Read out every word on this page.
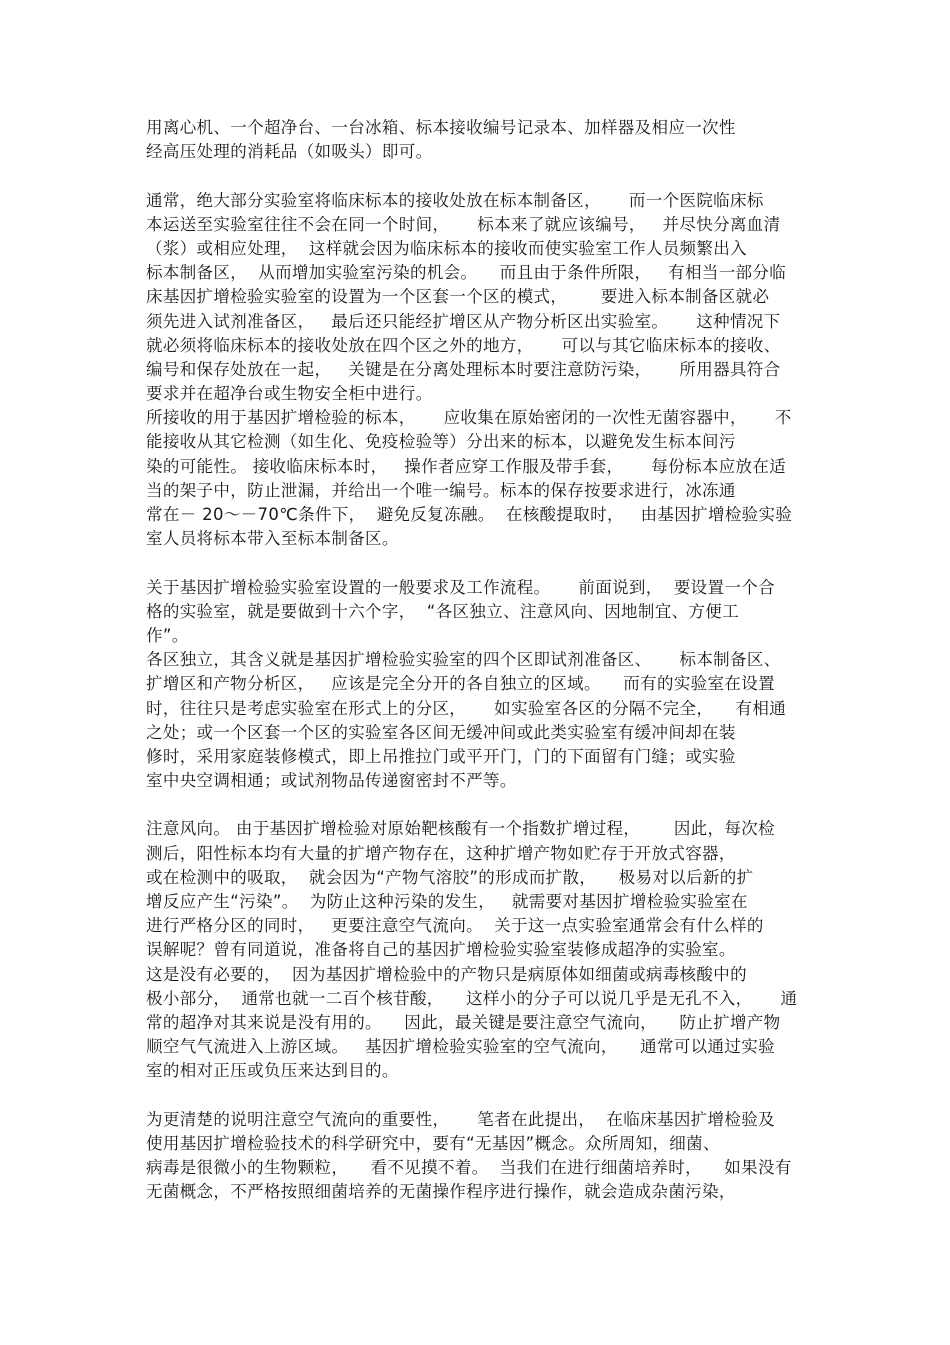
用离心机、一个超净台、一台冰箱、标本接收编号记录本、加样器及相应一次性
经高压处理的消耗品（如吸头）即可。
通常，绝大部分实验室将临床标本的接收处放在标本制备区，     而一个医院临床标
本运送至实验室往往不会在同一个时间，     标本来了就应该编号，   并尽快分离血清
（浆）或相应处理，  这样就会因为临床标本的接收而使实验室工作人员频繁出入
标本制备区，  从而增加实验室污染的机会。    而且由于条件所限，   有相当一部分临
床基因扩增检验实验室的设置为一个区套一个区的模式，      要进入标本制备区就必
须先进入试剂准备区，   最后还只能经扩增区从产物分析区出实验室。     这种情况下
就必须将临床标本的接收处放在四个区之外的地方，     可以与其它临床标本的接收、
编号和保存处放在一起，   关键是在分离处理标本时要注意防污染，     所用器具符合
要求并在超净台或生物安全柜中进行。
所接收的用于基因扩增检验的标本，     应收集在原始密闭的一次性无菌容器中，     不
能接收从其它检测（如生化、免疫检验等）分出来的标本，以避免发生标本间污
染的可能性。 接收临床标本时，   操作者应穿工作服及带手套，     每份标本应放在适
当的架子中，防止泄漏，并给出一个唯一编号。标本的保存按要求进行，冰冻通
常在－ 20～－70℃条件下，  避免反复冻融。  在核酸提取时，   由基因扩增检验实验
室人员将标本带入至标本制备区。
关于基因扩增检验实验室设置的一般要求及工作流程。     前面说到，  要设置一个合
格的实验室，就是要做到十六个字，  “各区独立、注意风向、因地制宜、方便工
作”。
各区独立，其含义就是基因扩增检验实验室的四个区即试剂准备区、     标本制备区、
扩增区和产物分析区，   应该是完全分开的各自独立的区域。    而有的实验室在设置
时，往往只是考虑实验室在形式上的分区，     如实验室各区的分隔不完全，    有相通
之处；或一个区套一个区的实验室各区间无缓冲间或此类实验室有缓冲间却在装
修时，采用家庭装修模式，即上吊推拉门或平开门，门的下面留有门缝；或实验
室中央空调相通；或试剂物品传递窗密封不严等。
注意风向。 由于基因扩增检验对原始靶核酸有一个指数扩增过程，      因此，每次检
测后，阳性标本均有大量的扩增产物存在，这种扩增产物如贮存于开放式容器，
或在检测中的吸取，  就会因为“产物气溶胶”的形成而扩散，    极易对以后新的扩
增反应产生“污染”。  为防止这种污染的发生，   就需要对基因扩增检验实验室在
进行严格分区的同时，   更要注意空气流向。  关于这一点实验室通常会有什么样的
误解呢？曾有同道说，准备将自己的基因扩增检验实验室装修成超净的实验室。
这是没有必要的，  因为基因扩增检验中的产物只是病原体如细菌或病毒核酸中的
极小部分，  通常也就一二百个核苷酸，    这样小的分子可以说几乎是无孔不入，     通
常的超净对其来说是没有用的。    因此，最关键是要注意空气流向，    防止扩增产物
顺空气气流进入上游区域。   基因扩增检验实验室的空气流向，    通常可以通过实验
室的相对正压或负压来达到目的。
为更清楚的说明注意空气流向的重要性，     笔者在此提出，  在临床基因扩增检验及
使用基因扩增检验技术的科学研究中，要有“无基因”概念。众所周知，细菌、
病毒是很微小的生物颗粒，    看不见摸不着。  当我们在进行细菌培养时，    如果没有
无菌概念，不严格按照细菌培养的无菌操作程序进行操作，就会造成杂菌污染，
